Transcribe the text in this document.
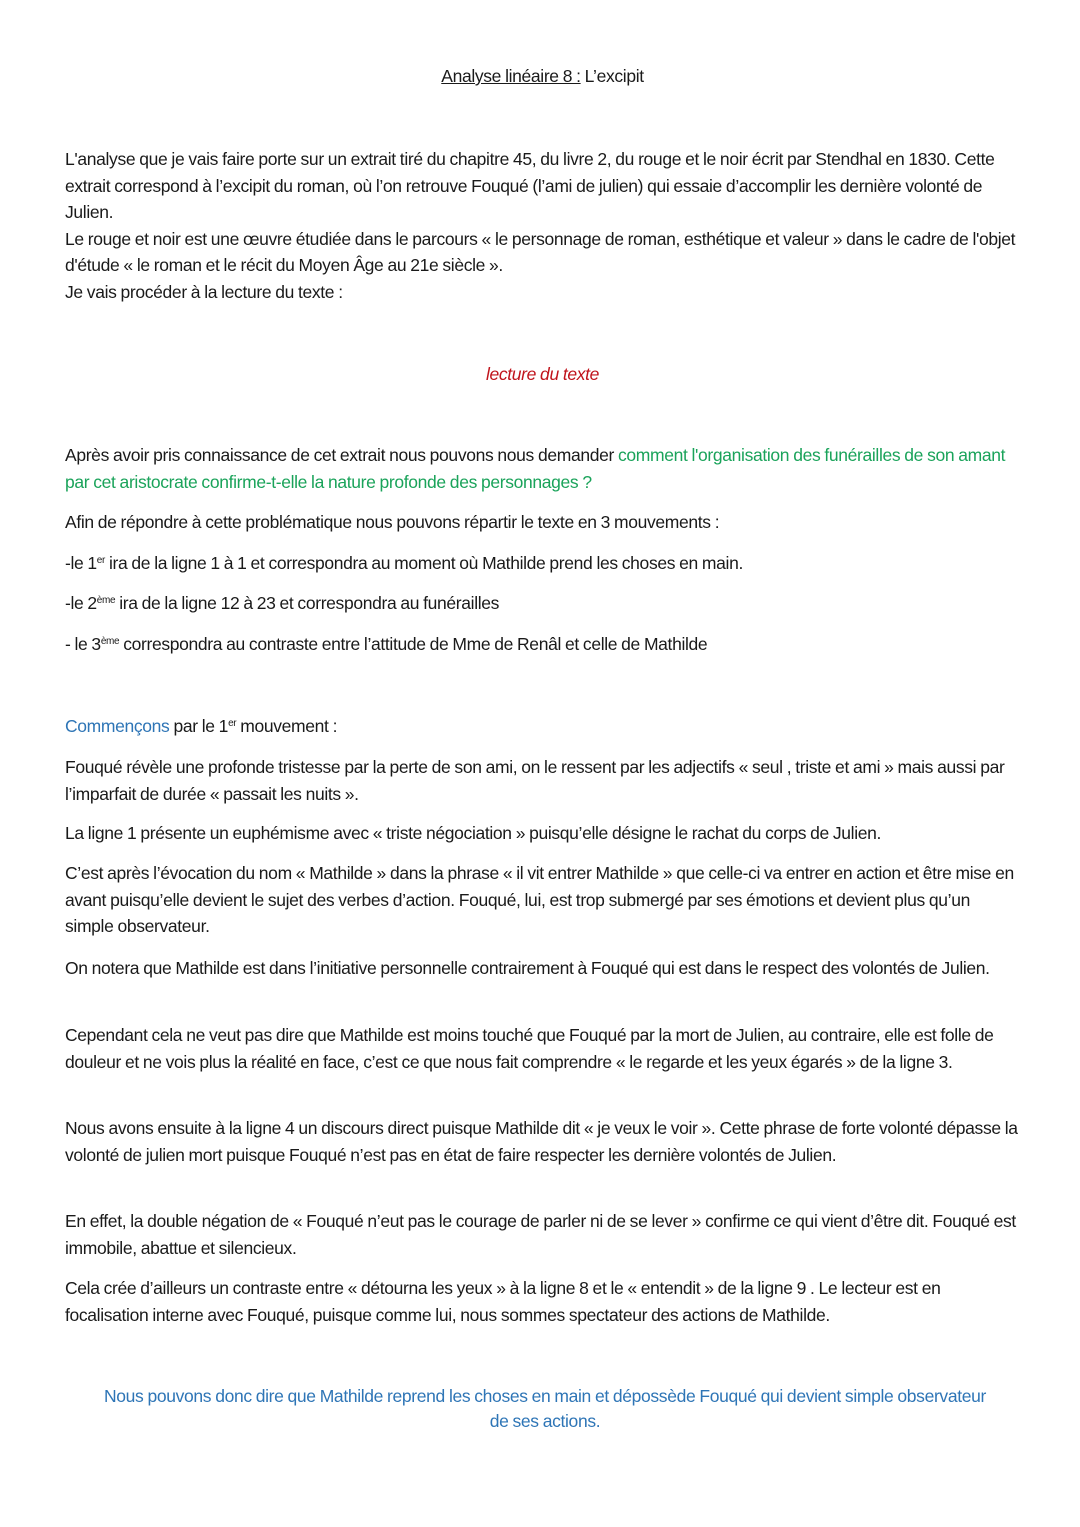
Analyse linéaire 8 : L’excipit

L'analyse que je vais faire porte sur un extrait tiré du chapitre 45, du livre 2, du rouge et le noir écrit par Stendhal en 1830. Cette extrait correspond à l’excipit du roman, où l’on retrouve Fouqué (l’ami de julien) qui essaie d’accomplir les dernière volonté de Julien.

Le rouge et noir est une œuvre étudiée dans le parcours « le personnage de roman, esthétique et valeur » dans le cadre de l'objet d'étude « le roman et le récit du Moyen Âge au 21e siècle ».

Je vais procéder à la lecture du texte :

lecture du texte

Après avoir pris connaissance de cet extrait nous pouvons nous demander comment l'organisation des funérailles de son amant par cet aristocrate confirme-t-elle la nature profonde des personnages ?

Afin de répondre à cette problématique nous pouvons répartir le texte en 3 mouvements :

-le 1er ira de la ligne 1 à 1 et correspondra au moment où Mathilde prend les choses en main.

-le 2ème ira de la ligne 12 à 23 et correspondra au funérailles

- le 3ème correspondra au contraste entre l’attitude de Mme de Renâl et celle de Mathilde

Commençons par le 1er mouvement :

Fouqué révèle une profonde tristesse par la perte de son ami, on le ressent par les adjectifs « seul , triste et ami » mais aussi par l’imparfait de durée « passait les nuits ».

La ligne 1 présente un euphémisme avec « triste négociation » puisqu’elle désigne le rachat du corps de Julien.

C’est après l’évocation du nom « Mathilde » dans la phrase « il vit entrer Mathilde » que celle-ci va entrer en action et être mise en avant puisqu’elle devient le sujet des verbes d’action. Fouqué, lui, est trop submergé par ses émotions et devient plus qu’un simple observateur.

On notera que Mathilde est dans l’initiative personnelle contrairement à Fouqué qui est dans le respect des volontés de Julien.

Cependant cela ne veut pas dire que Mathilde est moins touché que Fouqué par la mort de Julien, au contraire, elle est folle de douleur et ne vois plus la réalité en face, c’est ce que nous fait comprendre « le regarde et les yeux égarés » de la ligne 3.

Nous avons ensuite à la ligne 4 un discours direct puisque Mathilde dit « je veux le voir ». Cette phrase de forte volonté dépasse la volonté de julien mort puisque Fouqué n’est pas en état de faire respecter les dernière volontés de Julien.

En effet, la double négation de « Fouqué n’eut pas le courage de parler ni de se lever » confirme ce qui vient d’être dit. Fouqué est immobile, abattue et silencieux.

Cela crée d’ailleurs un contraste entre « détourna les yeux » à la ligne 8 et le « entendit » de la ligne 9 . Le lecteur est en focalisation interne avec Fouqué, puisque comme lui, nous sommes spectateur des actions de Mathilde.

Nous pouvons donc dire que Mathilde reprend les choses en main et dépossède Fouqué qui devient simple observateur de ses actions.
